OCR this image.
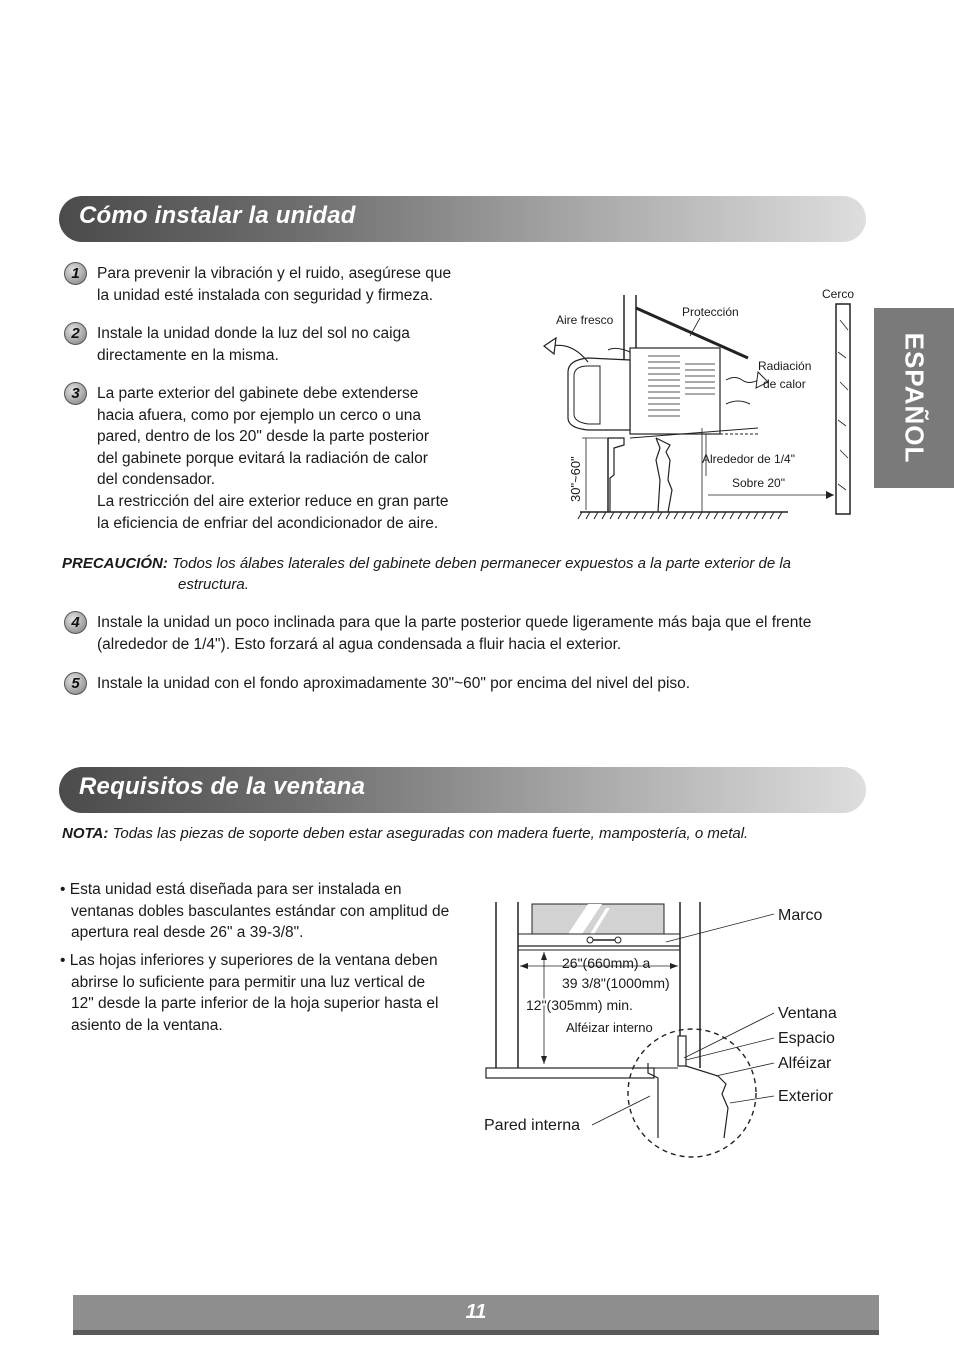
Cómo instalar la unidad
ESPAÑOL
1	Para prevenir la vibración y el ruido, asegúrese que
la unidad esté instalada con seguridad y firmeza.
2	Instale la unidad donde la luz del sol no caiga
directamente en la misma.
3	La parte exterior del gabinete debe extenderse
hacia afuera, como por ejemplo un cerco o una
pared, dentro de los 20" desde la parte posterior
del gabinete porque evitará la radiación de calor
del condensador.
La restricción del aire exterior reduce en gran parte
la eficiencia de enfriar del acondicionador de aire.
Protección
Aire fresco
Radiación
de calor
Cerco
Alrededor de 1/4"
Sobre 20"
30"~60"
PRECAUCIÓN: Todos los álabes laterales del gabinete deben permanecer expuestos a la parte exterior de la
estructura.
4	Instale la unidad un poco inclinada para que la parte posterior quede ligeramente más baja que el frente
(alrededor de 1/4"). Esto forzará al agua condensada a fluir hacia el exterior.
5	Instale la unidad con el fondo aproximadamente 30"~60" por encima del nivel del piso.
Requisitos de la ventana
NOTA: Todas las piezas de soporte deben estar aseguradas con madera fuerte, mampostería, o metal.
• Esta unidad está diseñada para ser instalada en
ventanas dobles basculantes estándar con amplitud de
apertura real desde 26" a 39-3/8".
• Las hojas inferiores y superiores de la ventana deben
abrirse lo suficiente para permitir una luz vertical de
12" desde la parte inferior de la hoja superior hasta el
asiento de la ventana.
26"(660mm) a
39 3/8"(1000mm)
12"(305mm) min.
Alféizar interno
Marco
Ventana
Espacio
Alféizar
Exterior
Pared interna
11
